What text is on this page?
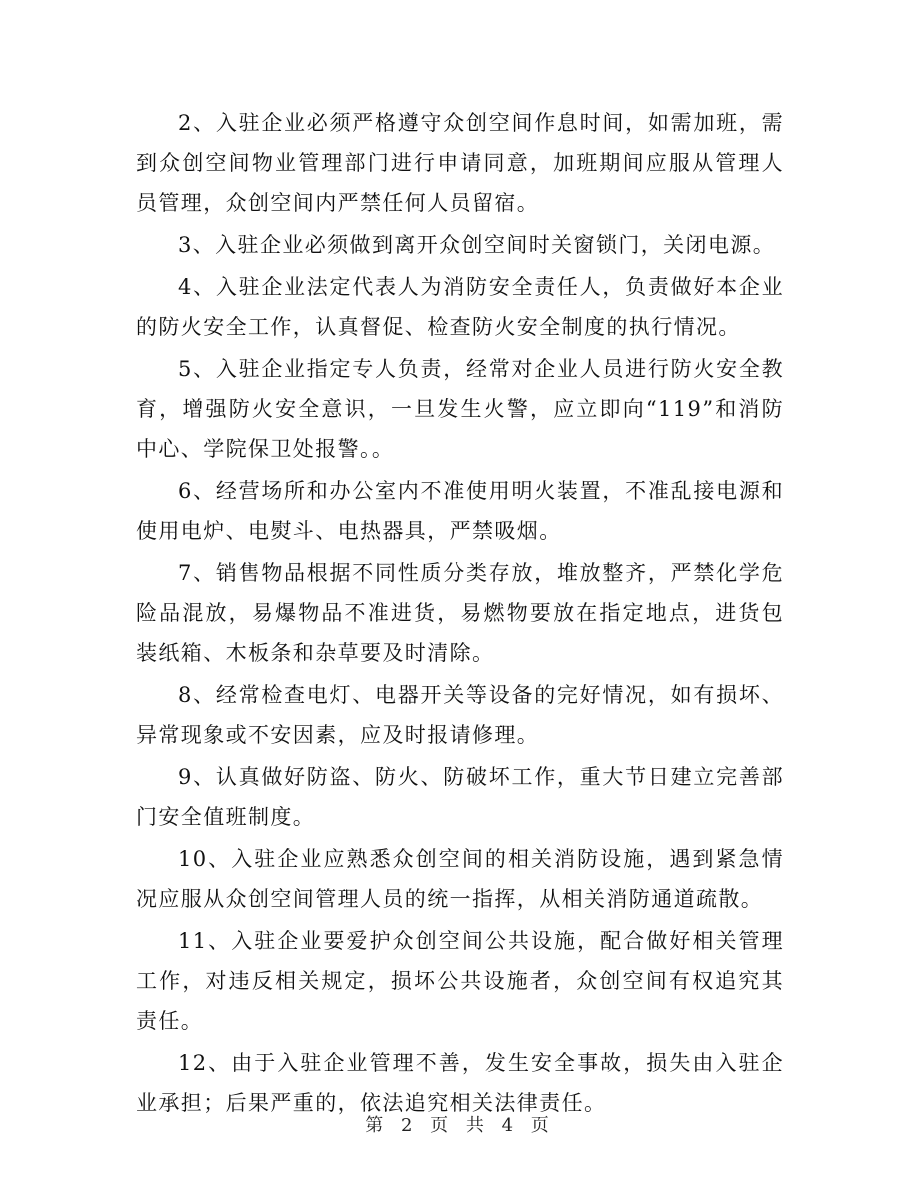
2、入驻企业必须严格遵守众创空间作息时间，如需加班，需到众创空间物业管理部门进行申请同意，加班期间应服从管理人员管理，众创空间内严禁任何人员留宿。

3、入驻企业必须做到离开众创空间时关窗锁门，关闭电源。

4、入驻企业法定代表人为消防安全责任人，负责做好本企业的防火安全工作，认真督促、检查防火安全制度的执行情况。

5、入驻企业指定专人负责，经常对企业人员进行防火安全教育，增强防火安全意识，一旦发生火警，应立即向“119”和消防中心、学院保卫处报警。。

6、经营场所和办公室内不准使用明火装置，不准乱接电源和使用电炉、电熨斗、电热器具，严禁吸烟。

7、销售物品根据不同性质分类存放，堆放整齐，严禁化学危险品混放，易爆物品不准进货，易燃物要放在指定地点，进货包装纸箱、木板条和杂草要及时清除。

8、经常检查电灯、电器开关等设备的完好情况，如有损坏、异常现象或不安因素，应及时报请修理。

9、认真做好防盗、防火、防破坏工作，重大节日建立完善部门安全值班制度。

10、入驻企业应熟悉众创空间的相关消防设施，遇到紧急情况应服从众创空间管理人员的统一指挥，从相关消防通道疏散。

11、入驻企业要爱护众创空间公共设施，配合做好相关管理工作，对违反相关规定，损坏公共设施者，众创空间有权追究其责任。

12、由于入驻企业管理不善，发生安全事故，损失由入驻企业承担；后果严重的，依法追究相关法律责任。

第 2 页 共 4 页
